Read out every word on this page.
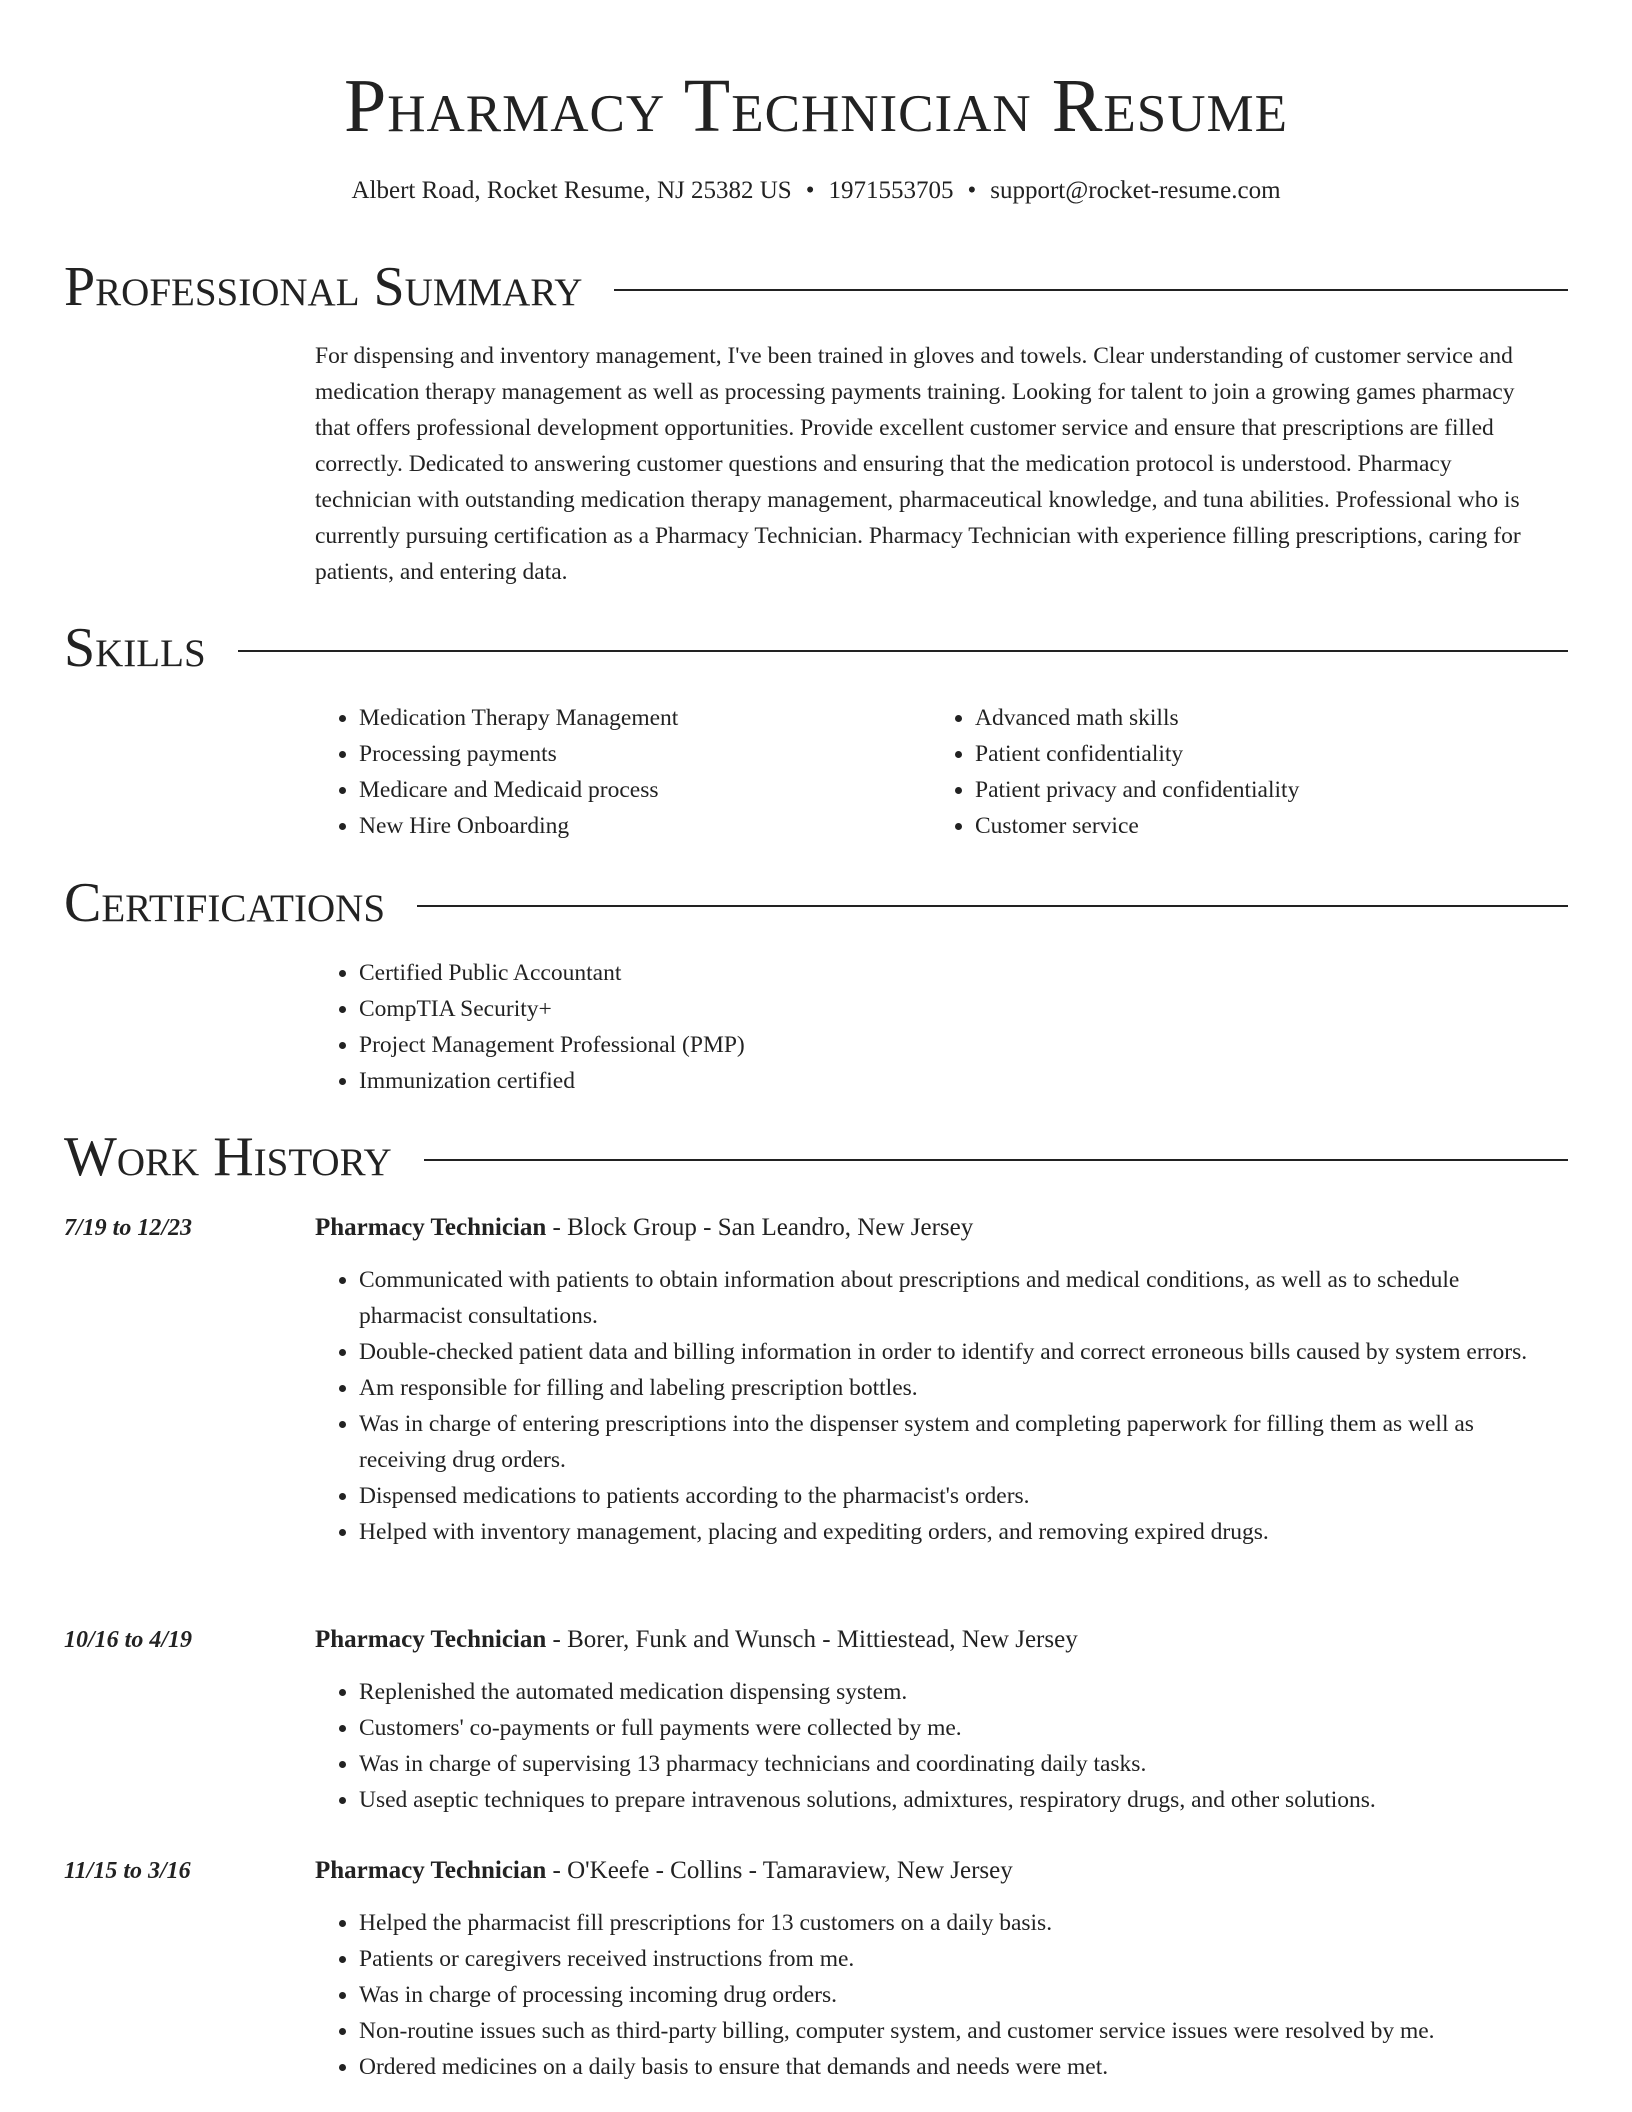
Pharmacy Technician Resume
Albert Road, Rocket Resume, NJ 25382 US • 1971553705 • support@rocket-resume.com
Professional Summary

For dispensing and inventory management, I've been trained in gloves and towels. Clear understanding of customer service and medication therapy management as well as processing payments training. Looking for talent to join a growing games pharmacy that offers professional development opportunities. Provide excellent customer service and ensure that prescriptions are filled correctly. Dedicated to answering customer questions and ensuring that the medication protocol is understood. Pharmacy technician with outstanding medication therapy management, pharmaceutical knowledge, and tuna abilities. Professional who is currently pursuing certification as a Pharmacy Technician. Pharmacy Technician with experience filling prescriptions, caring for patients, and entering data.

Skills
• Medication Therapy Management
• Processing payments
• Medicare and Medicaid process
• New Hire Onboarding
• Advanced math skills
• Patient confidentiality
• Patient privacy and confidentiality
• Customer service
Certifications
• Certified Public Accountant
• CompTIA Security+
• Project Management Professional (PMP)
• Immunization certified
Work History
7/19 to 12/23	Pharmacy Technician - Block Group - San Leandro, New Jersey
• Communicated with patients to obtain information about prescriptions and medical conditions, as well as to schedule pharmacist consultations.
• Double-checked patient data and billing information in order to identify and correct erroneous bills caused by system errors.
• Am responsible for filling and labeling prescription bottles.
• Was in charge of entering prescriptions into the dispenser system and completing paperwork for filling them as well as receiving drug orders.
• Dispensed medications to patients according to the pharmacist's orders.
• Helped with inventory management, placing and expediting orders, and removing expired drugs.
10/16 to 4/19	Pharmacy Technician - Borer, Funk and Wunsch - Mittiestead, New Jersey
• Replenished the automated medication dispensing system.
• Customers' co-payments or full payments were collected by me.
• Was in charge of supervising 13 pharmacy technicians and coordinating daily tasks.
• Used aseptic techniques to prepare intravenous solutions, admixtures, respiratory drugs, and other solutions.
11/15 to 3/16	Pharmacy Technician - O'Keefe - Collins - Tamaraview, New Jersey
• Helped the pharmacist fill prescriptions for 13 customers on a daily basis.
• Patients or caregivers received instructions from me.
• Was in charge of processing incoming drug orders.
• Non-routine issues such as third-party billing, computer system, and customer service issues were resolved by me.
• Ordered medicines on a daily basis to ensure that demands and needs were met.
